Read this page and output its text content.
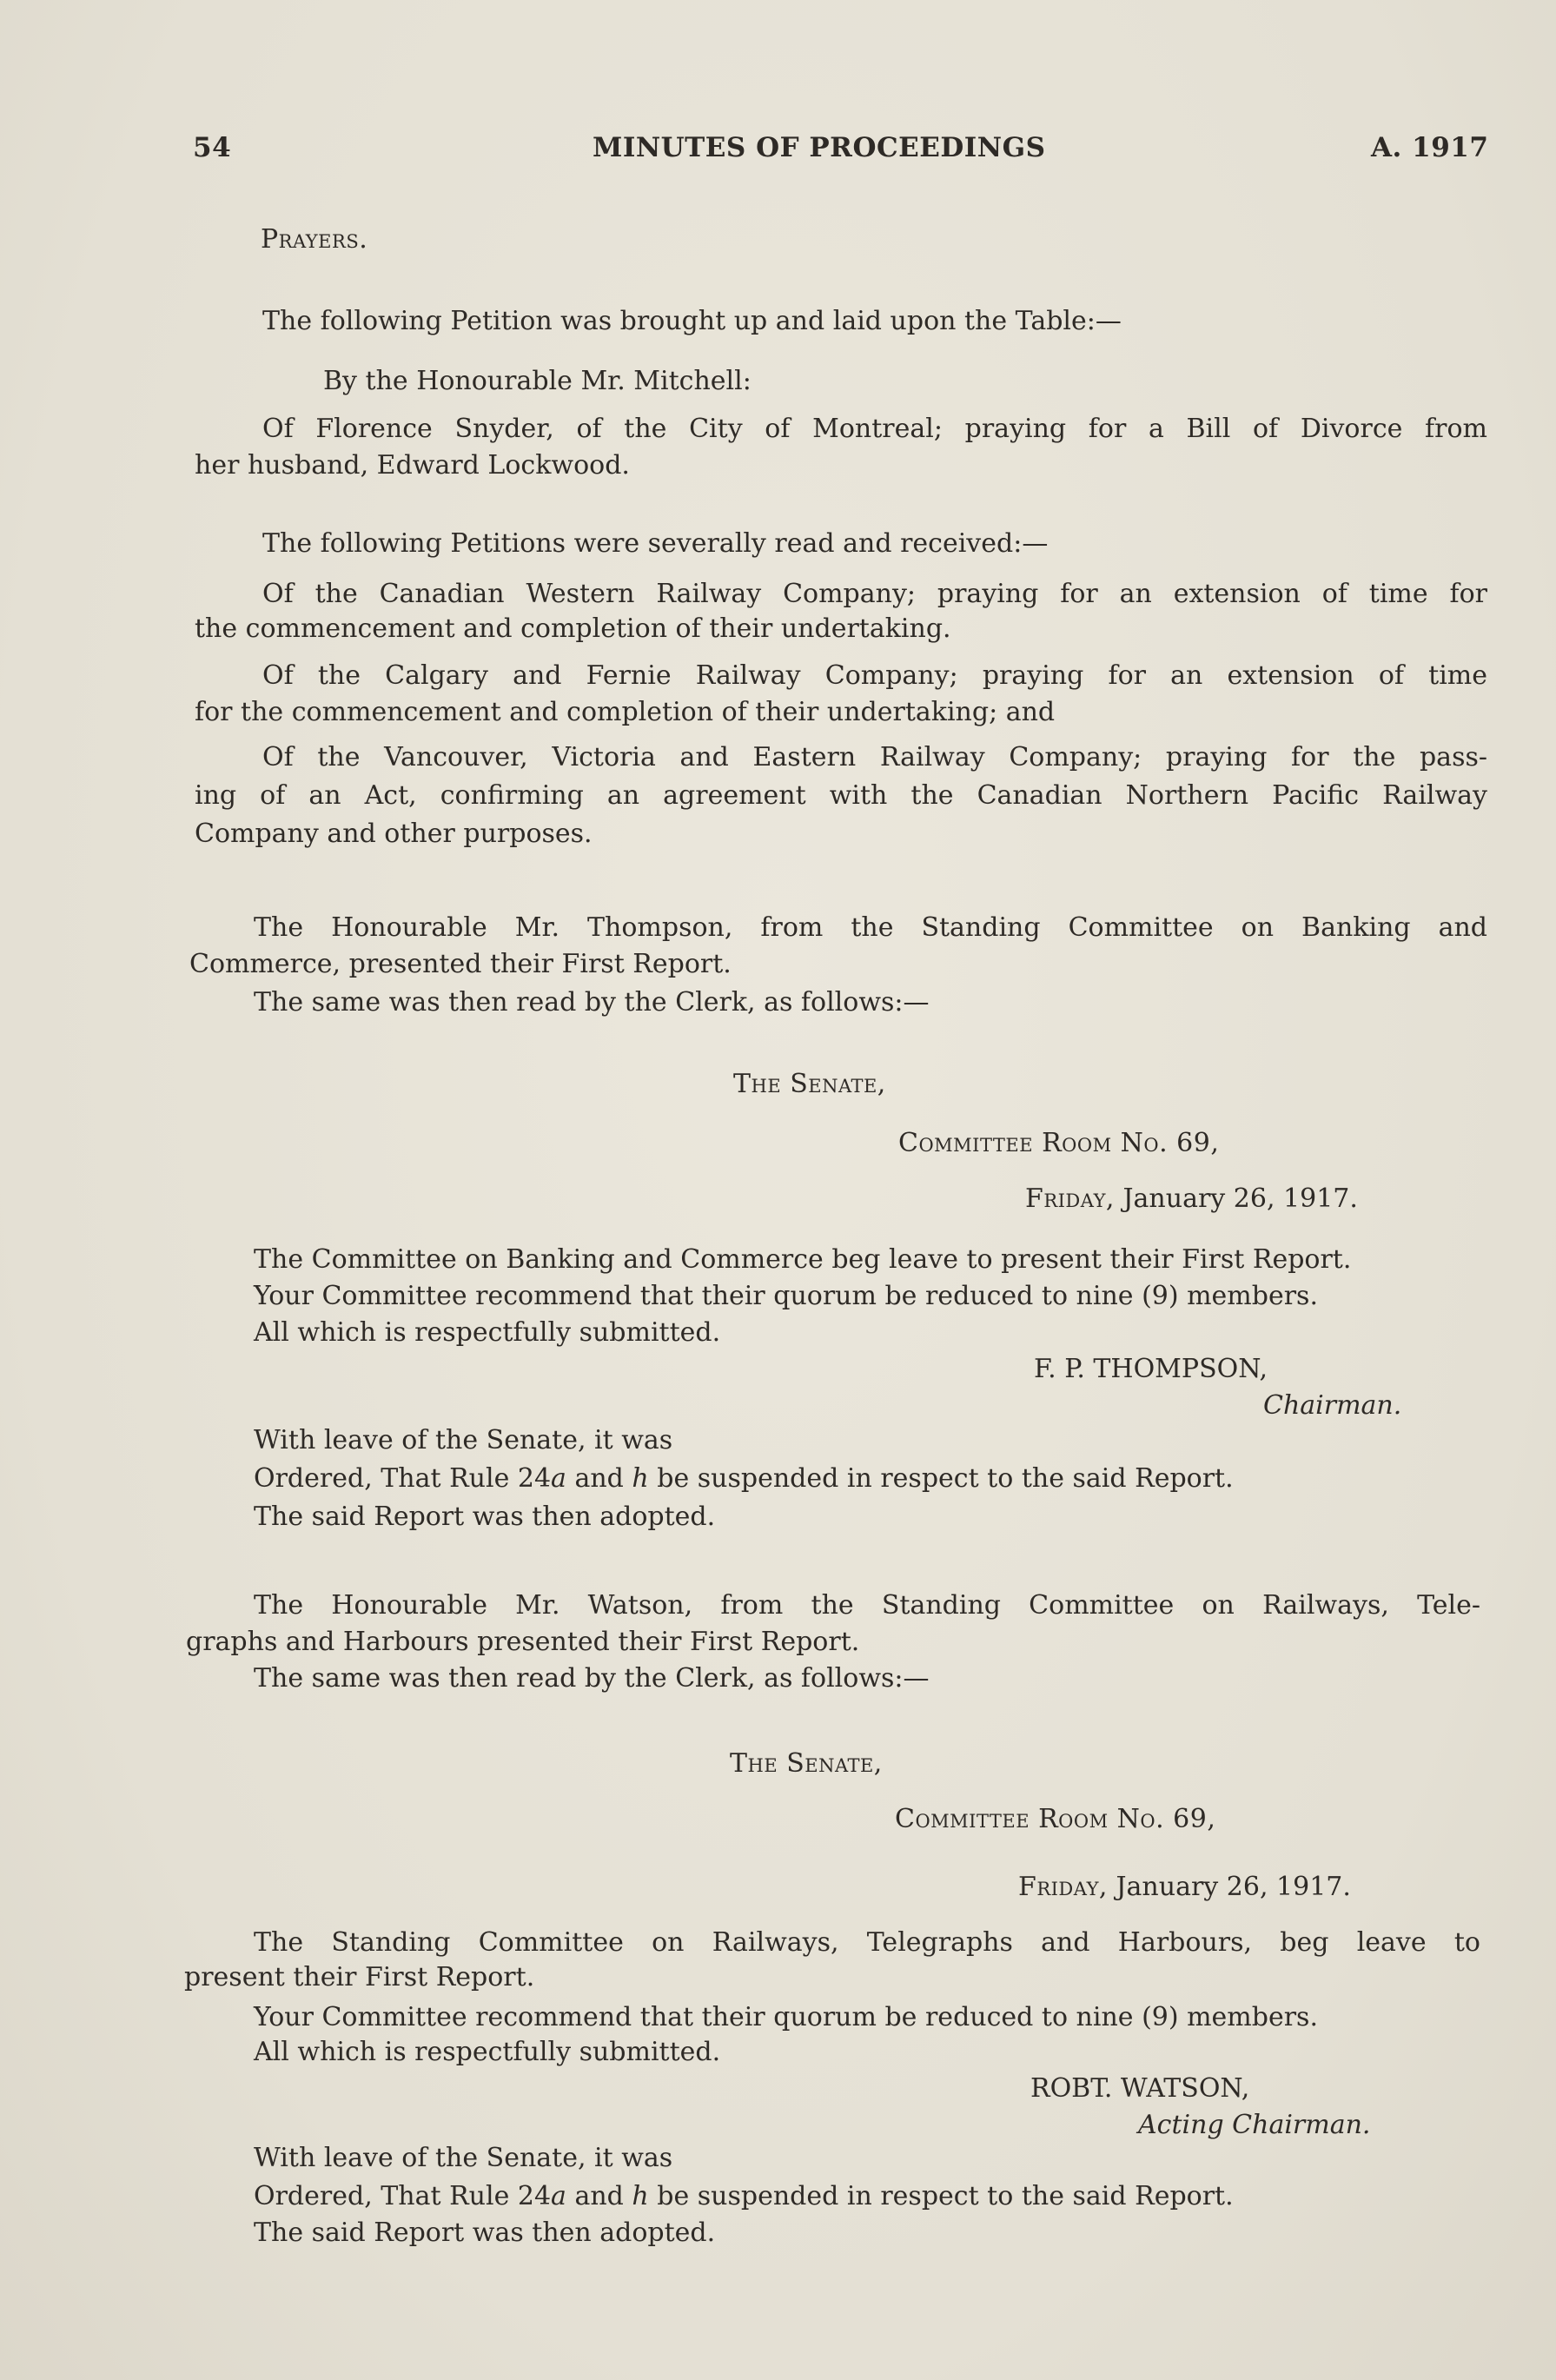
54	MINUTES OF PROCEEDINGS	A. 1917
Prayers.
The following Petition was brought up and laid upon the Table:—
By the Honourable Mr. Mitchell:
Of Florence Snyder, of the City of Montreal; praying for a Bill of Divorce from
her husband, Edward Lockwood.
The following Petitions were severally read and received:—
Of the Canadian Western Railway Company; praying for an extension of time for
the commencement and completion of their undertaking.
Of the Calgary and Fernie Railway Company; praying for an extension of time
for the commencement and completion of their undertaking; and
Of the Vancouver, Victoria and Eastern Railway Company; praying for the pass-
ing of an Act, confirming an agreement with the Canadian Northern Pacific Railway
Company and other purposes.
The Honourable Mr. Thompson, from the Standing Committee on Banking and
Commerce, presented their First Report.
The same was then read by the Clerk, as follows:—
The Senate,
Committee Room No. 69,
Friday, January 26, 1917.
The Committee on Banking and Commerce beg leave to present their First Report.
Your Committee recommend that their quorum be reduced to nine (9) members.
All which is respectfully submitted.
F. P. THOMPSON,
Chairman.
With leave of the Senate, it was
Ordered, That Rule 24a and h be suspended in respect to the said Report.
The said Report was then adopted.
The Honourable Mr. Watson, from the Standing Committee on Railways, Tele-
graphs and Harbours presented their First Report.
The same was then read by the Clerk, as follows:—
The Senate,
Committee Room No. 69,
Friday, January 26, 1917.
The Standing Committee on Railways, Telegraphs and Harbours, beg leave to
present their First Report.
Your Committee recommend that their quorum be reduced to nine (9) members.
All which is respectfully submitted.
ROBT. WATSON,
Acting Chairman.
With leave of the Senate, it was
Ordered, That Rule 24a and h be suspended in respect to the said Report.
The said Report was then adopted.
